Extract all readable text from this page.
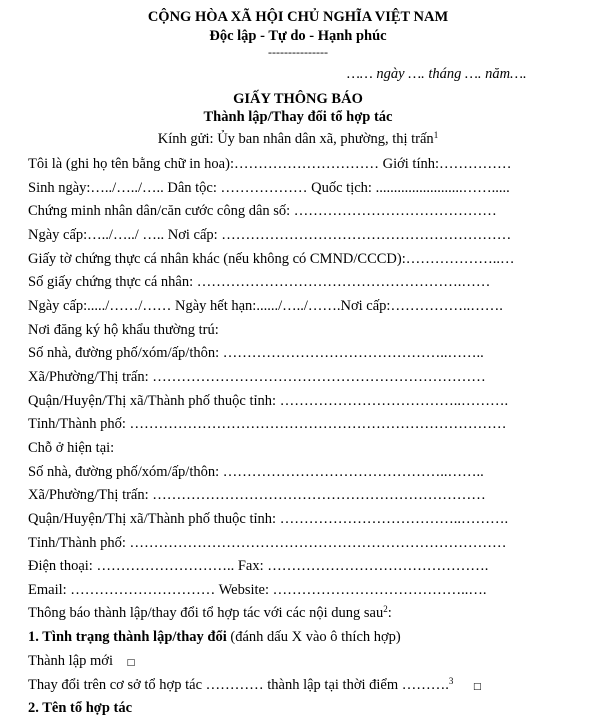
CỘNG HÒA XÃ HỘI CHỦ NGHĨA VIỆT NAM
Độc lập - Tự do - Hạnh phúc
---------------
…… ngày …. tháng …. năm….
GIẤY THÔNG BÁO
Thành lập/Thay đổi tổ hợp tác
Kính gửi: Ủy ban nhân dân xã, phường, thị trấn$^1$
Tôi là (ghi họ tên bằng chữ in hoa):………………………… Giới tính:……………
Sinh ngày:…../…../….. Dân tộc: ……………… Quốc tịch: ........................…….....
Chứng minh nhân dân/căn cước công dân số: ……………………………………
Ngày cấp:…../…../ ….. Nơi cấp: ……………………………………………………
Giấy tờ chứng thực cá nhân khác (nếu không có CMND/CCCD):………………..…
Số giấy chứng thực cá nhân: ……………………………………………….……
Ngày cấp:...../……/…… Ngày hết hạn:....../…../…….Nơi cấp:……………..…….
Nơi đăng ký hộ khẩu thường trú:
Số nhà, đường phố/xóm/ấp/thôn: ………………………………………..……..
Xã/Phường/Thị trấn: ……………………………………………………………
Quận/Huyện/Thị xã/Thành phố thuộc tỉnh: ………………………………..……….
Tỉnh/Thành phố: ……………………………………………………………………
Chỗ ở hiện tại:
Số nhà, đường phố/xóm/ấp/thôn: ………………………………………..……..
Xã/Phường/Thị trấn: ……………………………………………………………
Quận/Huyện/Thị xã/Thành phố thuộc tỉnh: ………………………………..……….
Tỉnh/Thành phố: ……………………………………………………………………
Điện thoại: ……………………….. Fax: ……………………………………….
Email: ………………………… Website: …………………………………..….
Thông báo thành lập/thay đổi tổ hợp tác với các nội dung sau$^2$:
1. Tình trạng thành lập/thay đổi (đánh dấu X vào ô thích hợp)
Thành lập mới □
Thay đổi trên cơ sở tổ hợp tác ………… thành lập tại thời điểm ……….$^3$ □
2. Tên tổ hợp tác
